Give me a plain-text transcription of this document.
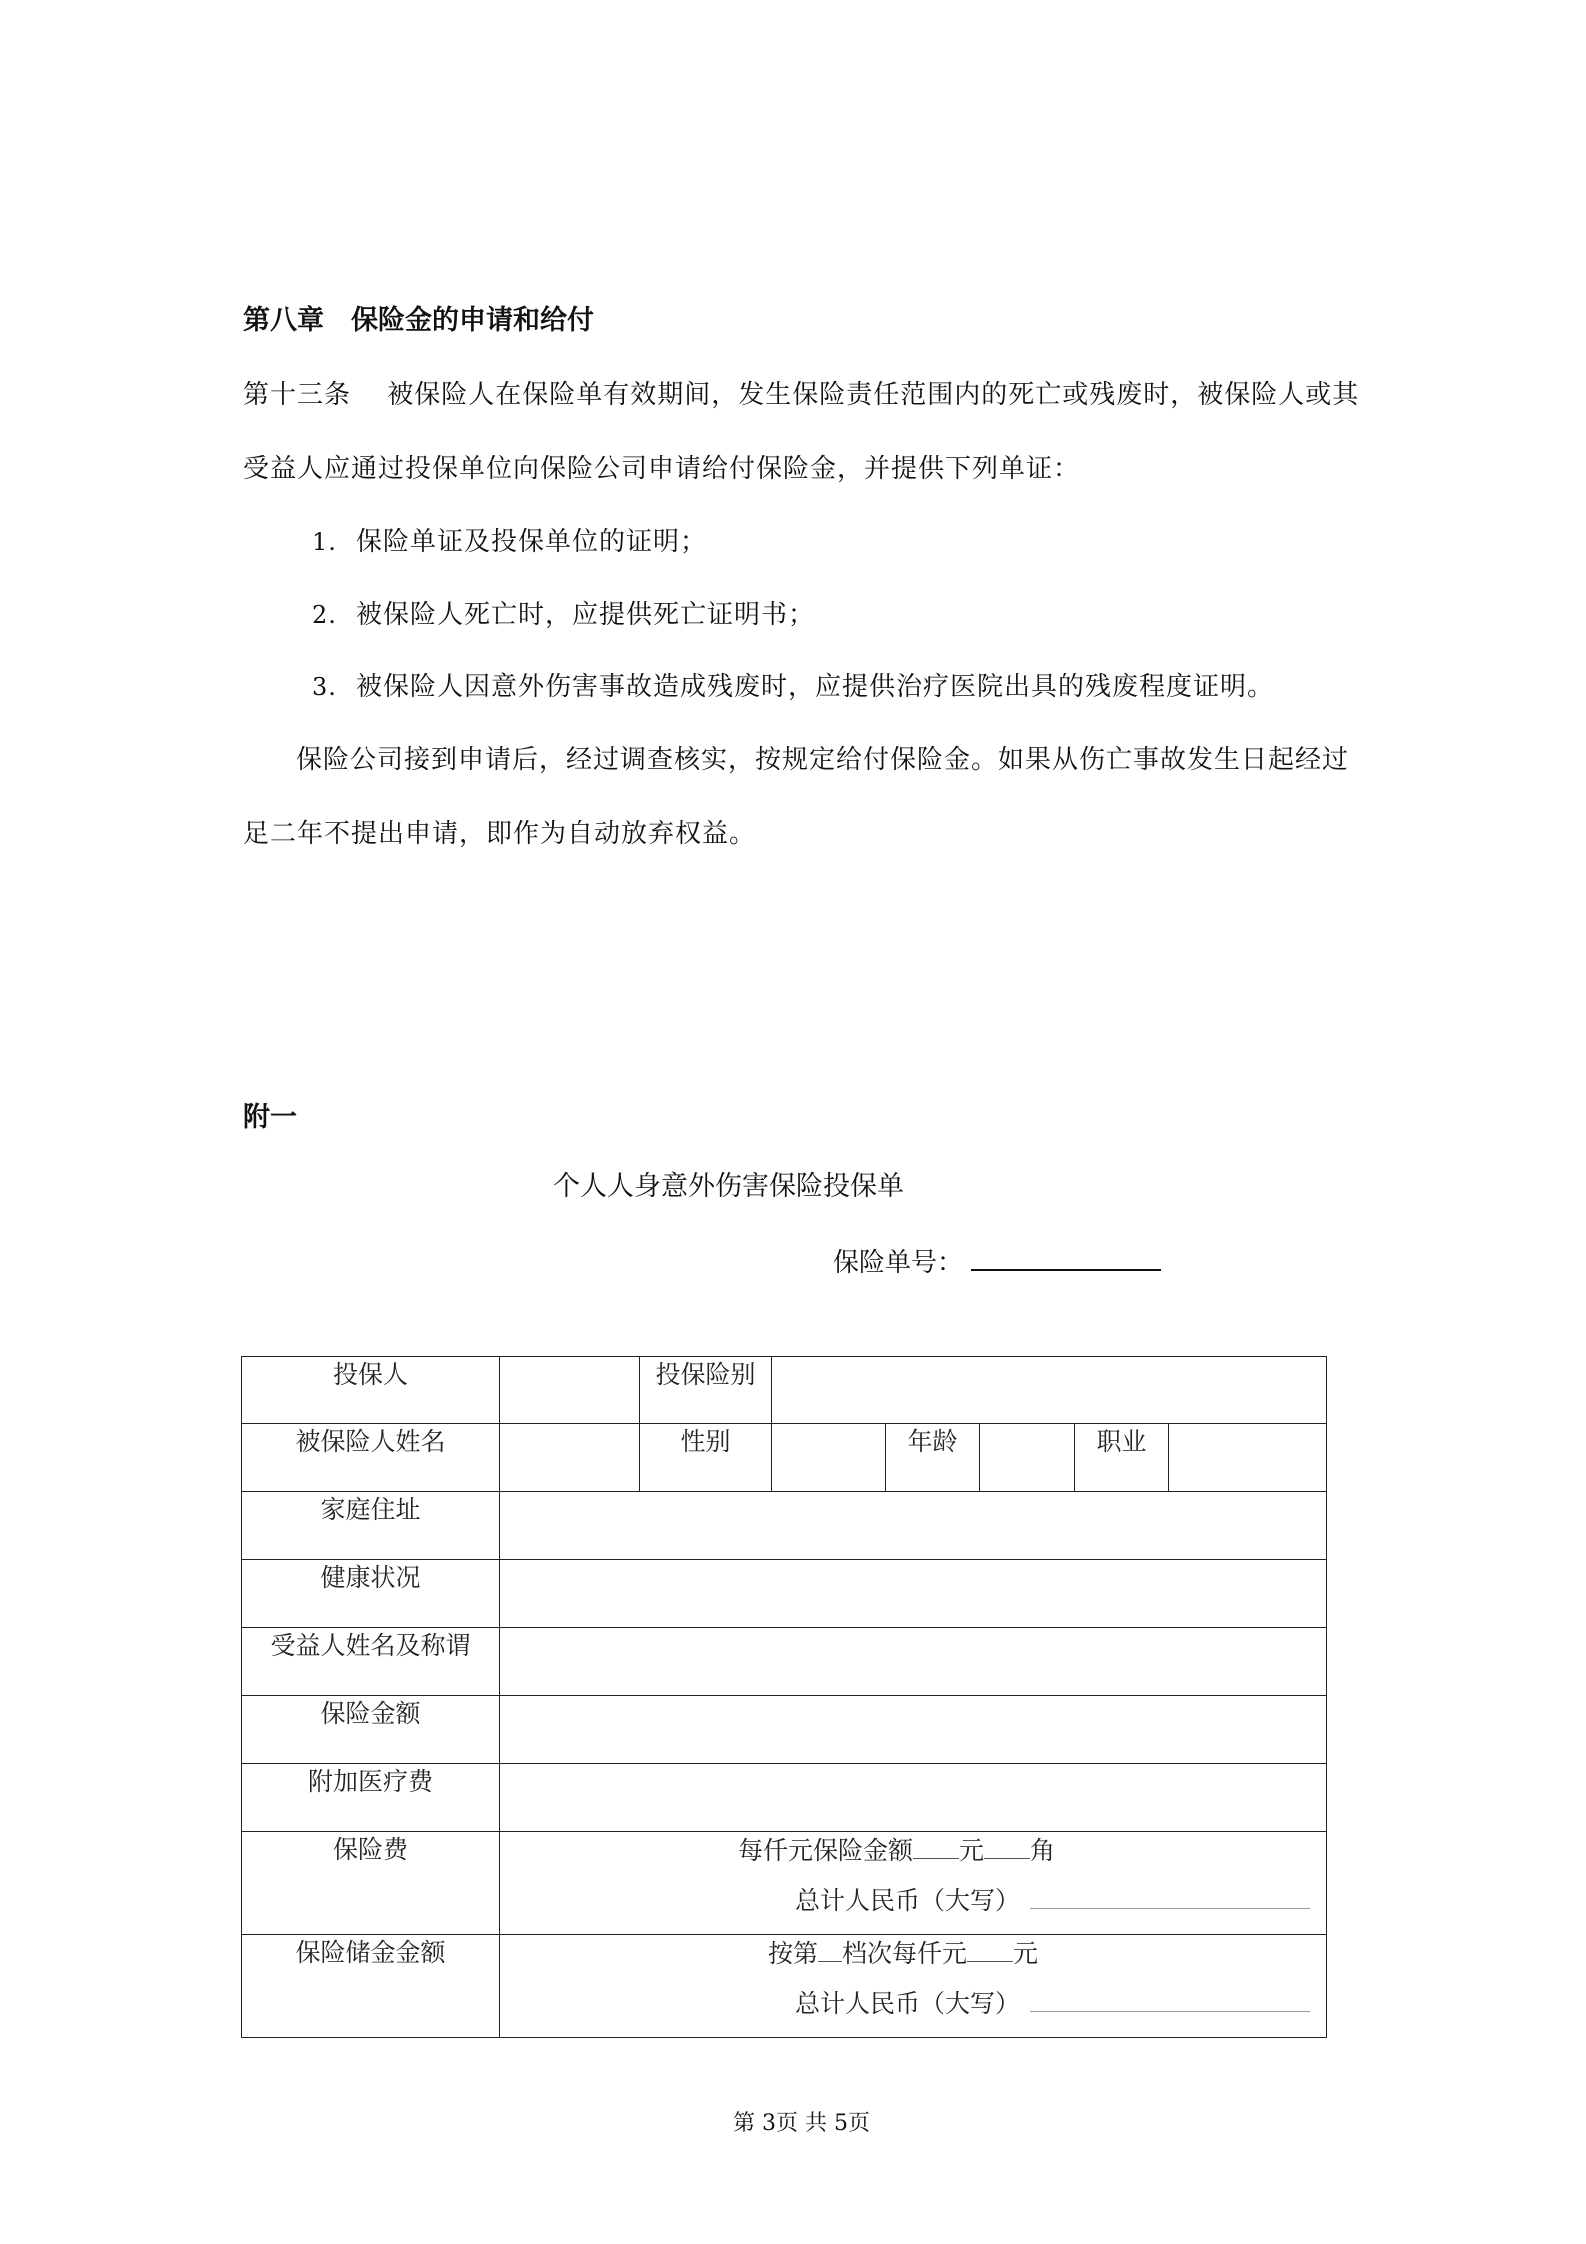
第八章　保险金的申请和给付
第十三条　 被保险人在保险单有效期间，发生保险责任范围内的死亡或残废时，被保险人或其
受益人应通过投保单位向保险公司申请给付保险金，并提供下列单证：
1. 保险单证及投保单位的证明；
2. 被保险人死亡时，应提供死亡证明书；
3. 被保险人因意外伤害事故造成残废时，应提供治疗医院出具的残废程度证明。
保险公司接到申请后，经过调查核实，按规定给付保险金。如果从伤亡事故发生日起经过
足二年不提出申请，即作为自动放弃权益。
附一
个人人身意外伤害保险投保单
保险单号：
投保人		投保险别					

被保险人姓名		性别		年龄		职业	

家庭住址							

健康状况							

受益人姓名及称谓							

保险金额							

附加医疗费							

保险费	每仟元保险金额 元 角
总计人民币（大写）						

保险储金金额	按第 档次每仟元 元
总计人民币（大写）						
第 3页 共 5页
